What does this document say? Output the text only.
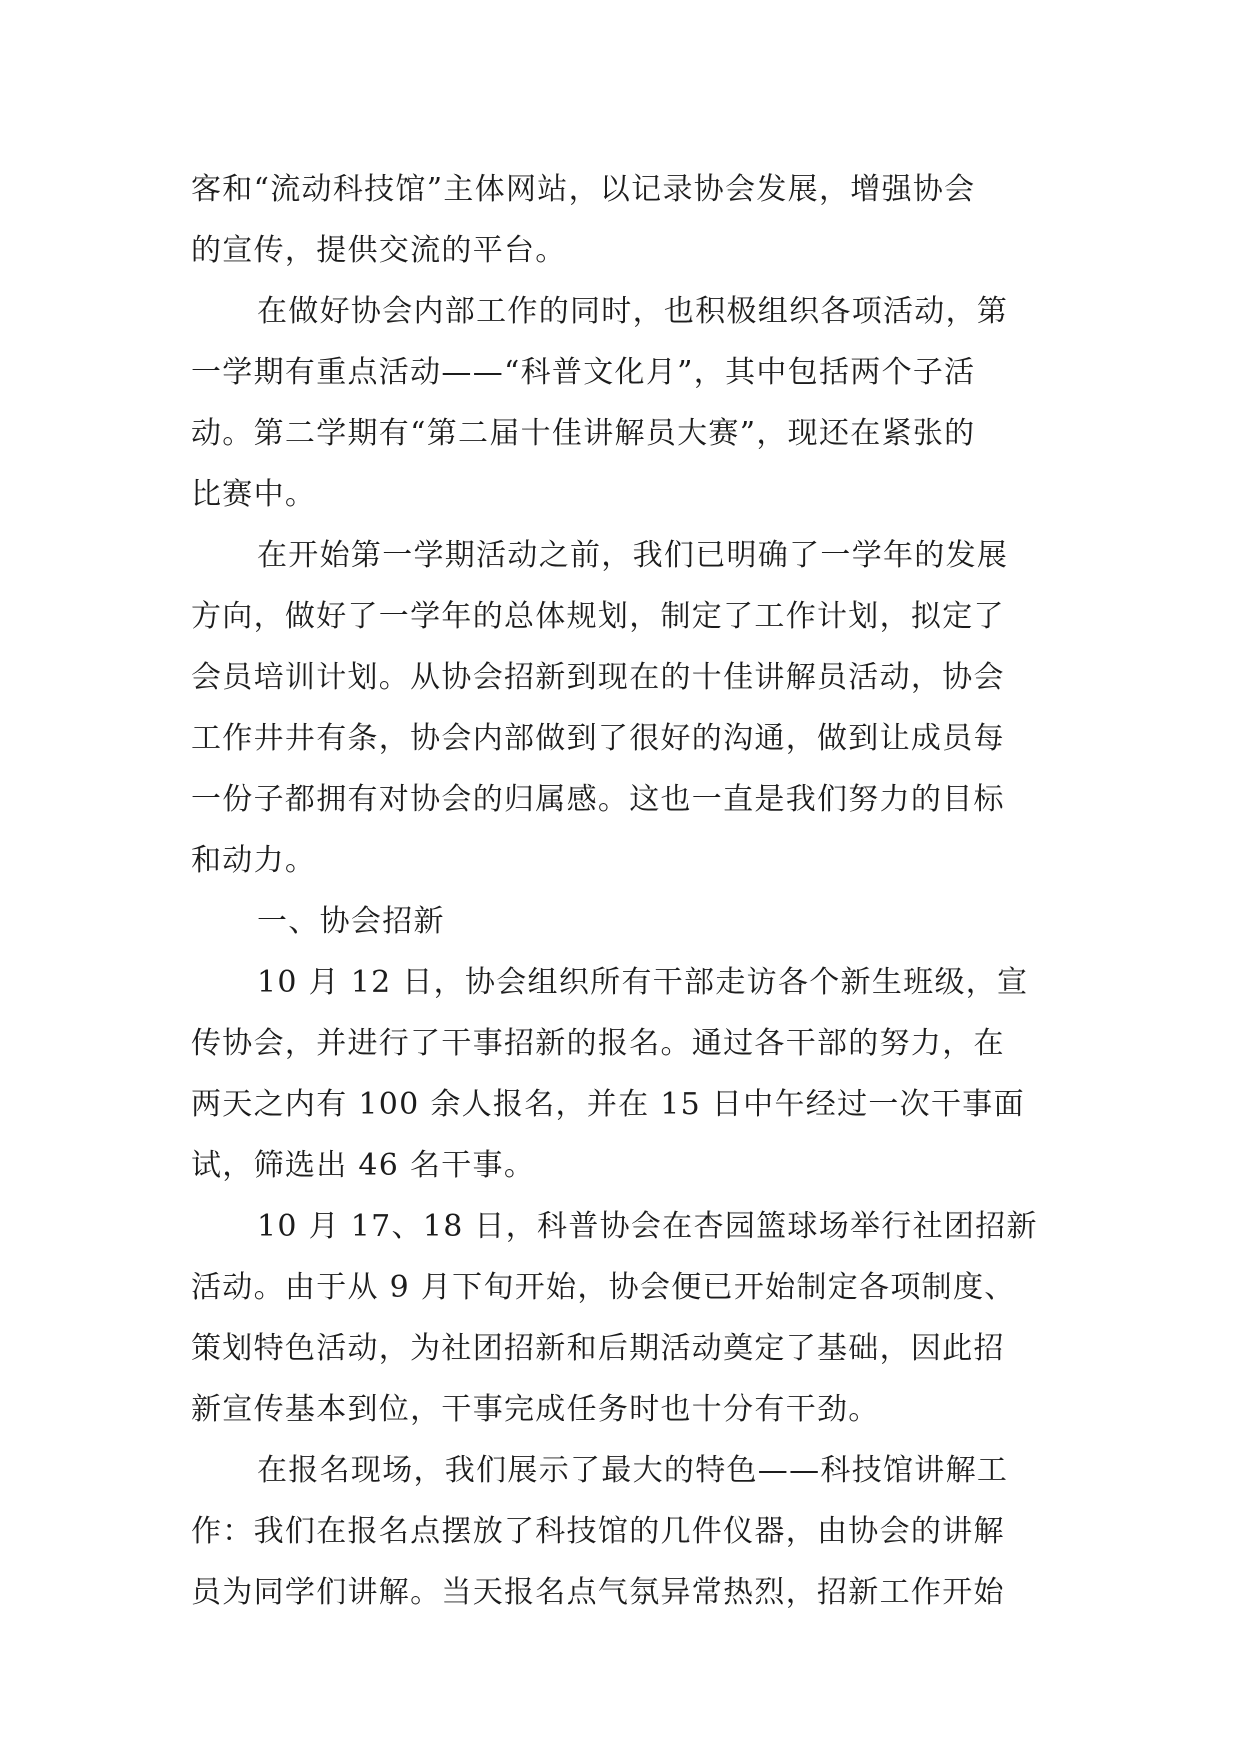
客和“流动科技馆”主体网站，以记录协会发展，增强协会
的宣传，提供交流的平台。
在做好协会内部工作的同时，也积极组织各项活动，第
一学期有重点活动——“科普文化月”，其中包括两个子活
动。第二学期有“第二届十佳讲解员大赛”，现还在紧张的
比赛中。
在开始第一学期活动之前，我们已明确了一学年的发展
方向，做好了一学年的总体规划，制定了工作计划，拟定了
会员培训计划。从协会招新到现在的十佳讲解员活动，协会
工作井井有条，协会内部做到了很好的沟通，做到让成员每
一份子都拥有对协会的归属感。这也一直是我们努力的目标
和动力。
一、协会招新
10 月 12 日，协会组织所有干部走访各个新生班级，宣
传协会，并进行了干事招新的报名。通过各干部的努力，在
两天之内有 100 余人报名，并在 15 日中午经过一次干事面
试，筛选出 46 名干事。
10 月 17、18 日，科普协会在杏园篮球场举行社团招新
活动。由于从 9 月下旬开始，协会便已开始制定各项制度、
策划特色活动，为社团招新和后期活动奠定了基础，因此招
新宣传基本到位，干事完成任务时也十分有干劲。
在报名现场，我们展示了最大的特色——科技馆讲解工
作：我们在报名点摆放了科技馆的几件仪器，由协会的讲解
员为同学们讲解。当天报名点气氛异常热烈，招新工作开始
